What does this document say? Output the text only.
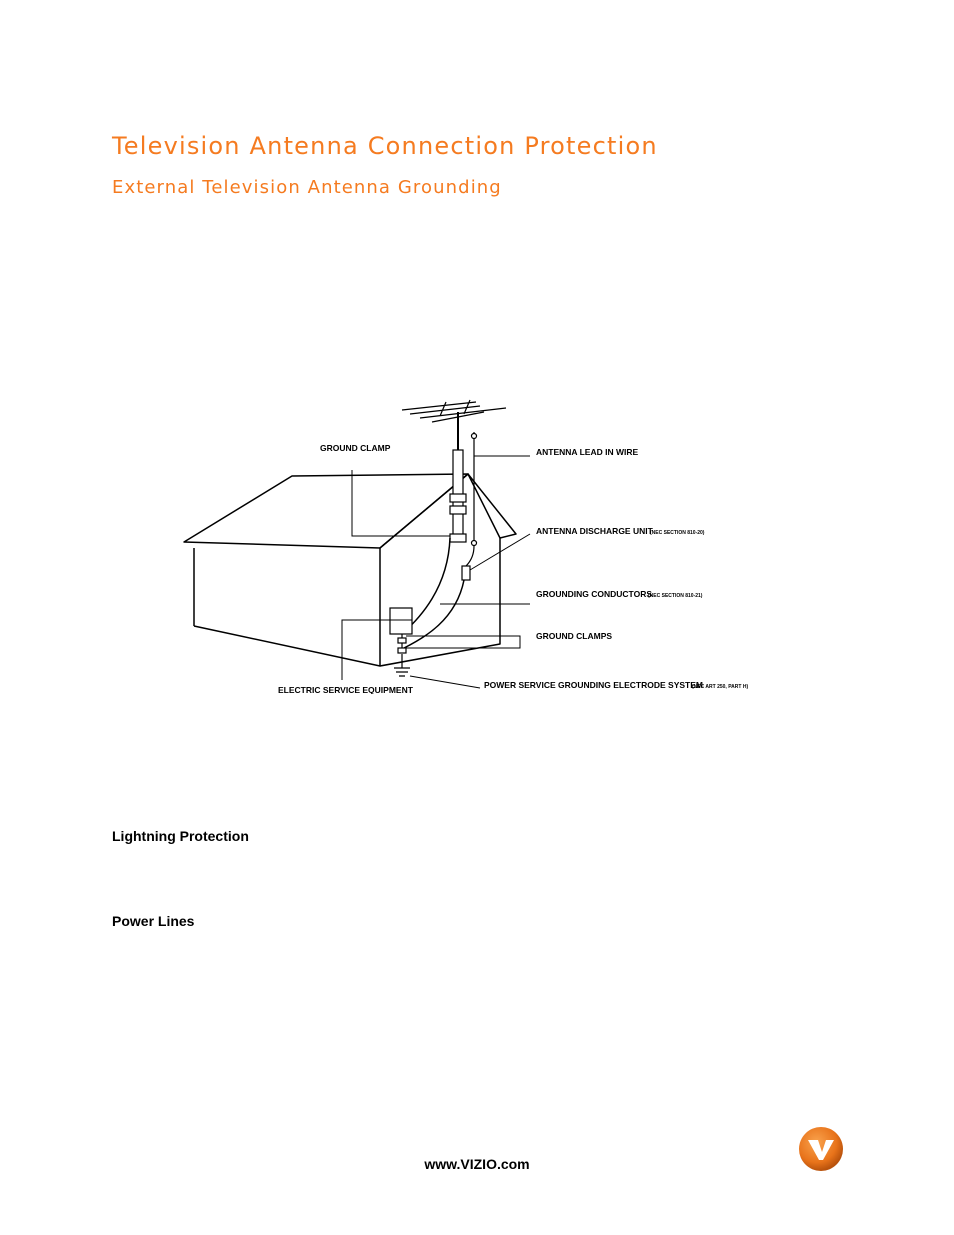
Television Antenna Connection Protection
External Television Antenna Grounding
GROUND CLAMP	ANTENNA LEAD IN WIRE
ANTENNA DISCHARGE UNIT
(NEC SECTION 810-20)
GROUNDING CONDUCTORS
(NEC SECTION 810-21)
GROUND CLAMPS
POWER SERVICE GROUNDING ELECTRODE SYSTEM
(NEC ART 250, PART H)
ELECTRIC SERVICE EQUIPMENT
Lightning Protection
Power Lines
www.VIZIO.com
